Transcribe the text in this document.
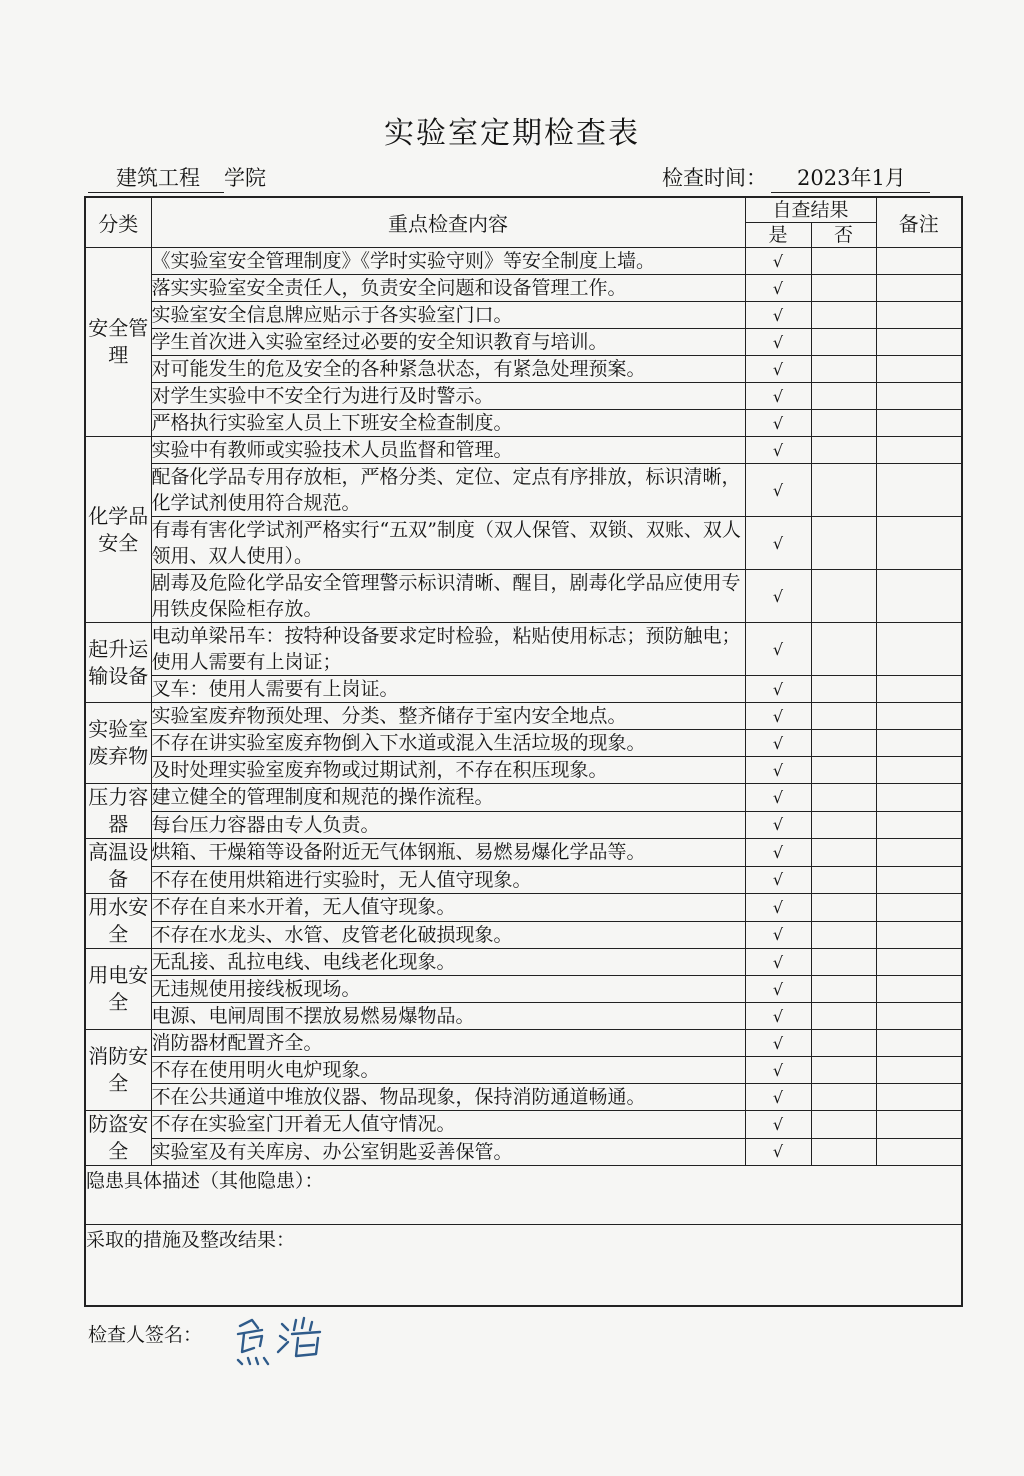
实验室定期检查表
建筑工程 学院	检查时间： 2023年1月
分类	重点检查内容	自查结果		备注
		是	否	
安全管理	《实验室安全管理制度》《学时实验守则》等安全制度上墙。	√		
	落实实验室安全责任人，负责安全问题和设备管理工作。	√		
	实验室安全信息牌应贴示于各实验室门口。	√		
	学生首次进入实验室经过必要的安全知识教育与培训。	√		
	对可能发生的危及安全的各种紧急状态，有紧急处理预案。	√		
	对学生实验中不安全行为进行及时警示。	√		
	严格执行实验室人员上下班安全检查制度。	√		
化学品安全	实验中有教师或实验技术人员监督和管理。	√		
	配备化学品专用存放柜，严格分类、定位、定点有序排放，标识清晰，化学试剂使用符合规范。	√		
	有毒有害化学试剂严格实行“五双”制度（双人保管、双锁、双账、双人领用、双人使用）。	√		
	剧毒及危险化学品安全管理警示标识清晰、醒目，剧毒化学品应使用专用铁皮保险柜存放。	√		
起升运输设备	电动单梁吊车：按特种设备要求定时检验，粘贴使用标志；预防触电；使用人需要有上岗证；	√		
	叉车：使用人需要有上岗证。	√		
实验室废弃物	实验室废弃物预处理、分类、整齐储存于室内安全地点。	√		
	不存在讲实验室废弃物倒入下水道或混入生活垃圾的现象。	√		
	及时处理实验室废弃物或过期试剂，不存在积压现象。	√		
压力容器	建立健全的管理制度和规范的操作流程。	√		
	每台压力容器由专人负责。	√		
高温设备	烘箱、干燥箱等设备附近无气体钢瓶、易燃易爆化学品等。	√		
	不存在使用烘箱进行实验时，无人值守现象。	√		
用水安全	不存在自来水开着，无人值守现象。	√		
	不存在水龙头、水管、皮管老化破损现象。	√		
用电安全	无乱接、乱拉电线、电线老化现象。	√		
	无违规使用接线板现场。	√		
	电源、电闸周围不摆放易燃易爆物品。	√		
消防安全	消防器材配置齐全。	√		
	不存在使用明火电炉现象。	√		
	不在公共通道中堆放仪器、物品现象，保持消防通道畅通。	√		
防盗安全	不存在实验室门开着无人值守情况。	√		
	实验室及有关库房、办公室钥匙妥善保管。	√		
隐患具体描述（其他隐患）：				
采取的措施及整改结果：				
检查人签名：
